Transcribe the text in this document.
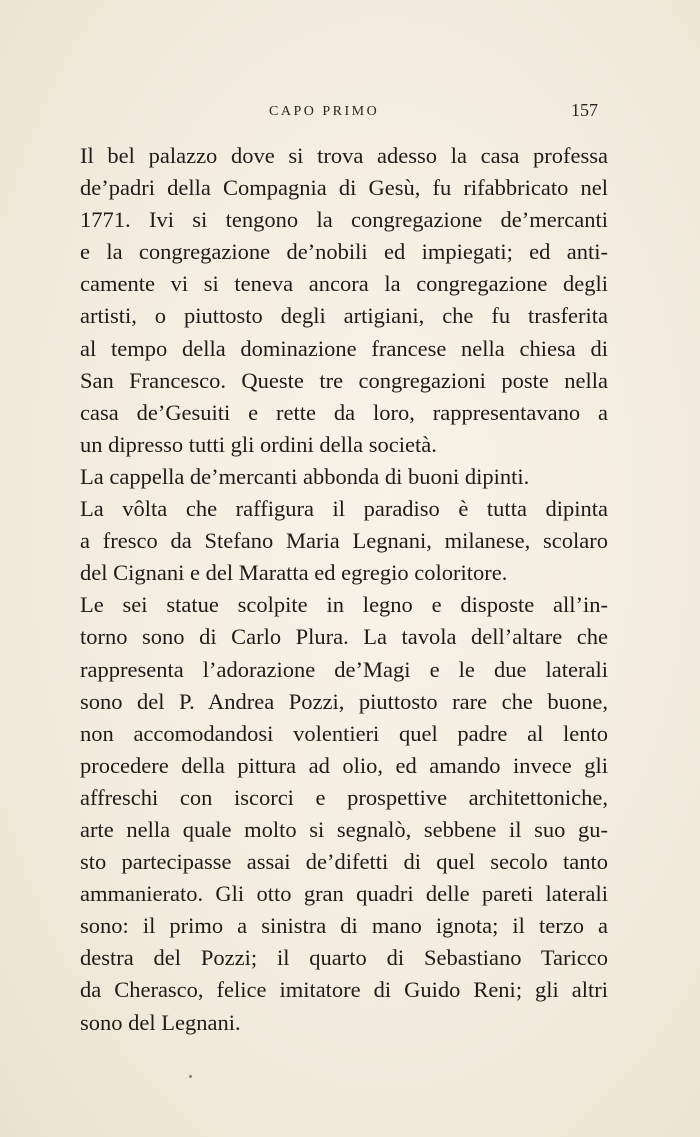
CAPO PRIMO	157
Il bel palazzo dove si trova adesso la casa professa
de’padri della Compagnia di Gesù, fu rifabbricato nel
1771. Ivi si tengono la congregazione de’mercanti
e la congregazione de’nobili ed impiegati; ed anti-
camente vi si teneva ancora la congregazione degli
artisti, o piuttosto degli artigiani, che fu trasferita
al tempo della dominazione francese nella chiesa di
San Francesco. Queste tre congregazioni poste nella
casa de’Gesuiti e rette da loro, rappresentavano a
un dipresso tutti gli ordini della società.
La cappella de’mercanti abbonda di buoni dipinti.
La vôlta che raffigura il paradiso è tutta dipinta
a fresco da Stefano Maria Legnani, milanese, scolaro
del Cignani e del Maratta ed egregio coloritore.
Le sei statue scolpite in legno e disposte all’in-
torno sono di Carlo Plura. La tavola dell’altare che
rappresenta l’adorazione de’Magi e le due laterali
sono del P. Andrea Pozzi, piuttosto rare che buone,
non accomodandosi volentieri quel padre al lento
procedere della pittura ad olio, ed amando invece gli
affreschi con iscorci e prospettive architettoniche,
arte nella quale molto si segnalò, sebbene il suo gu-
sto partecipasse assai de’difetti di quel secolo tanto
ammanierato. Gli otto gran quadri delle pareti laterali
sono: il primo a sinistra di mano ignota; il terzo a
destra del Pozzi; il quarto di Sebastiano Taricco
da Cherasco, felice imitatore di Guido Reni; gli altri
sono del Legnani.
